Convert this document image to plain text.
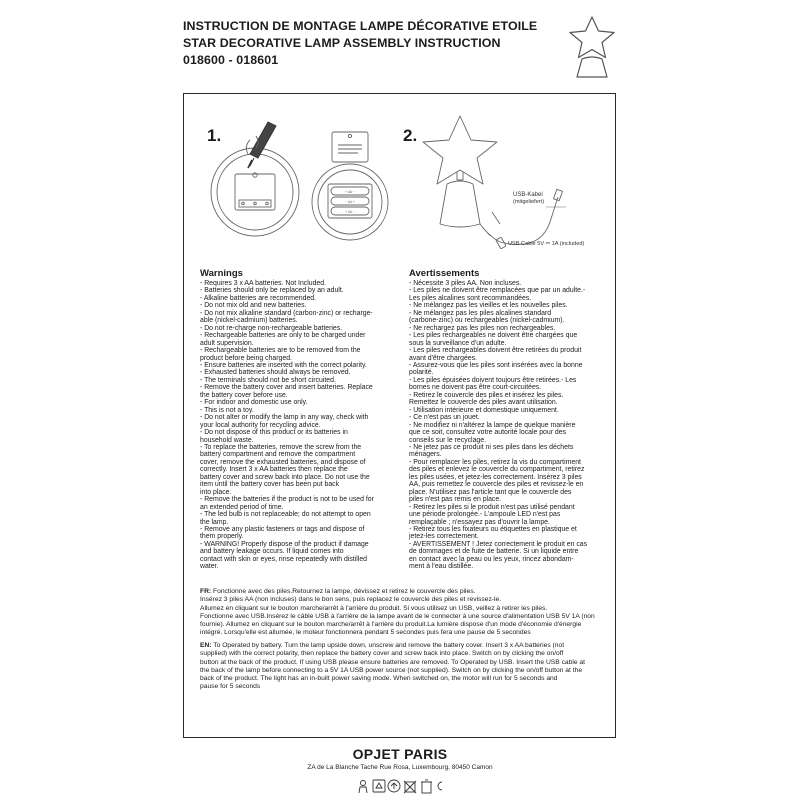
INSTRUCTION DE MONTAGE LAMPE DÉCORATIVE ETOILE
STAR DECORATIVE LAMP ASSEMBLY INSTRUCTION
018600 - 018601
1.	2.
+ AA −
− AA +
+ AA −
USB-Kabel
(mitgeliefert)
USB Cable 5V ⎓ 1A (included)
Warnings
- Requires 3 x AA batteries. Not Included.
- Batteries should only be replaced by an adult.
- Alkaline batteries are recommended.
- Do not mix old and new batteries.
- Do not mix alkaline standard (carbon-zinc) or recharge-
able (nickel-cadmium) batteries.
- Do not re-charge non-rechargeable batteries.
- Rechargeable batteries are only to be charged under
adult supervision.
- Rechargeable batteries are to be removed from the
product before being charged.
- Ensure batteries are inserted with the correct polarity.
- Exhausted batteries should always be removed.
- The terminals should not be short circuited.
- Remove the battery cover and insert batteries. Replace
the battery cover before use.
- For indoor and domestic use only.
- This is not a toy.
- Do not alter or modify the lamp in any way, check with
your local authority for recycling advice.
- Do not dispose of this product or its batteries in
household waste.
- To replace the batteries, remove the screw from the
battery compartment and remove the compartment
cover, remove the exhausted batteries, and dispose of
correctly. Insert 3 x AA batteries then replace the
battery cover and screw back into place. Do not use the
item until the battery cover has been put back
into place.
- Remove the batteries if the product is not to be used for
an extended period of time.
- The led bulb is not replaceable; do not attempt to open
the lamp.
- Remove any plastic fasteners or tags and dispose of
them properly.
- WARNING! Properly dispose of the product if damage
and battery leakage occurs. If liquid comes into
contact with skin or eyes, rinse repeatedly with distilled
water.
Avertissements
- Nécessite 3 piles AA. Non incluses.
- Les piles ne doivent être remplacées que par un adulte.-
Les piles alcalines sont recommandées.
- Ne mélangez pas les vieilles et les nouvelles piles.
- Ne mélangez pas les piles alcalines standard
(carbone-zinc) ou rechargeables (nickel-cadmium).
- Ne rechargez pas les piles non rechargeables.
- Les piles rechargeables ne doivent être chargées que
sous la surveillance d'un adulte.
- Les piles rechargeables doivent être retirées du produit
avant d'être chargées.
- Assurez-vous que les piles sont insérées avec la bonne
polarité.
- Les piles épuisées doivent toujours être retirées.- Les
bornes ne doivent pas être court-circuitées.
- Retirez le couvercle des piles et insérez les piles.
Remettez le couvercle des piles avant utilisation.
- Utilisation intérieure et domestique uniquement.
- Ce n'est pas un jouet.
- Ne modifiez ni n'altérez la lampe de quelque manière
que ce soit, consultez votre autorité locale pour des
conseils sur le recyclage.
- Ne jetez pas ce produit ni ses piles dans les déchets
ménagers.
- Pour remplacer les piles, retirez la vis du compartiment
des piles et enlevez le couvercle du compartiment, retirez
les piles usées, et jetez-les correctement. Insérez 3 piles
AA, puis remettez le couvercle des piles et revissez-le en
place. N'utilisez pas l'article tant que le couvercle des
piles n'est pas remis en place.
- Retirez les piles si le produit n'est pas utilisé pendant
une période prolongée.- L'ampoule LED n'est pas
remplaçable ; n'essayez pas d'ouvrir la lampe.
- Retirez tous les fixateurs ou étiquettes en plastique et
jetez-les correctement.
- AVERTISSEMENT ! Jetez correctement le produit en cas
de dommages et de fuite de batterie. Si un liquide entre
en contact avec la peau ou les yeux, rincez abondam-
ment à l'eau distillée.
FR: Fonctionne avec des piles.Retournez la lampe, dévissez et retirez le couvercle des piles.
Insérez 3 piles AA (non incluses) dans le bon sens, puis replacez le couvercle des piles et revissez-le.
Allumez en cliquant sur le bouton marche/arrêt à l'arrière du produit. Si vous utilisez un USB, veillez à retirer les piles.
Fonctionne avec USB.Insérez le câble USB à l'arrière de la lampe avant de le connecter à une source d'alimentation USB 5V 1A (non
fournie). Allumez en cliquant sur le bouton marche/arrêt à l'arrière du produit.La lumière dispose d'un mode d'économie d'énergie
intégré. Lorsqu'elle est allumée, le moteur fonctionnera pendant 5 secondes puis fera une pause de 5 secondes
EN: To Operated by battery. Turn the lamp upside down, unscrew and remove the battery cover. Insert 3 x AA batteries (not
supplied) with the correct polarity, then replace the battery cover and screw back into place. Switch on by clicking the on/off
button at the back of the product. If using USB please ensure batteries are removed. To Operated by USB. Insert the USB cable at
the back of the lamp before connecting to a 5V 1A USB power source (not supplied). Switch on by clicking the on/off button at the
back of the product. The light has an in-built power saving mode. When switched on, the motor will run for 5 seconds and
pause for 5 seconds
OPJET PARIS
ZA de La Blanche Tache Rue Rosa, Luxembourg, 80450 Camon
